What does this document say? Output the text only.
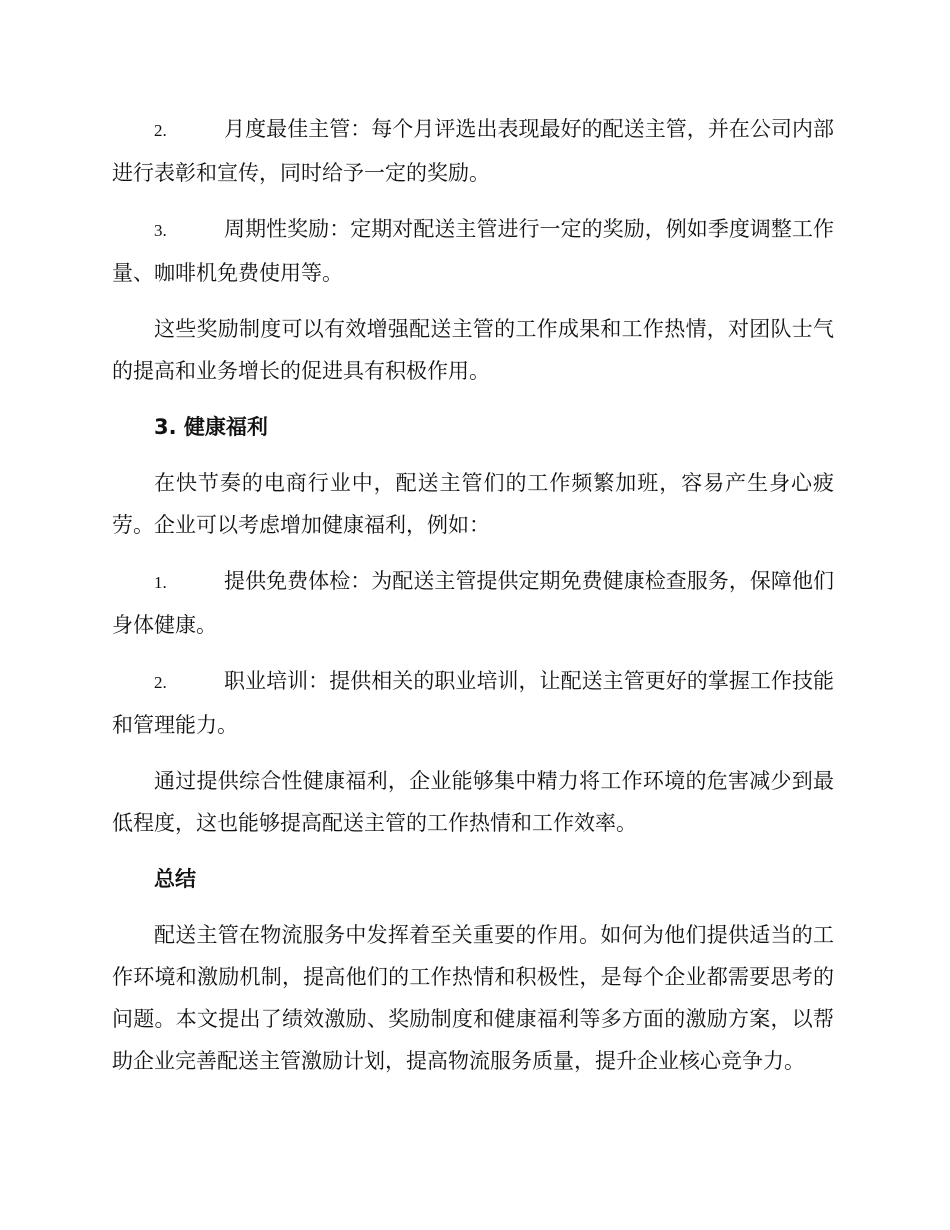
2.	月度最佳主管：每个月评选出表现最好的配送主管，并在公司内部进行表彰和宣传，同时给予一定的奖励。

3.	周期性奖励：定期对配送主管进行一定的奖励，例如季度调整工作量、咖啡机免费使用等。

这些奖励制度可以有效增强配送主管的工作成果和工作热情，对团队士气的提高和业务增长的促进具有积极作用。

3. 健康福利

在快节奏的电商行业中，配送主管们的工作频繁加班，容易产生身心疲劳。企业可以考虑增加健康福利，例如：

1.	提供免费体检：为配送主管提供定期免费健康检查服务，保障他们身体健康。

2.	职业培训：提供相关的职业培训，让配送主管更好的掌握工作技能和管理能力。

通过提供综合性健康福利，企业能够集中精力将工作环境的危害减少到最低程度，这也能够提高配送主管的工作热情和工作效率。

总结

配送主管在物流服务中发挥着至关重要的作用。如何为他们提供适当的工作环境和激励机制，提高他们的工作热情和积极性，是每个企业都需要思考的问题。本文提出了绩效激励、奖励制度和健康福利等多方面的激励方案，以帮助企业完善配送主管激励计划，提高物流服务质量，提升企业核心竞争力。
